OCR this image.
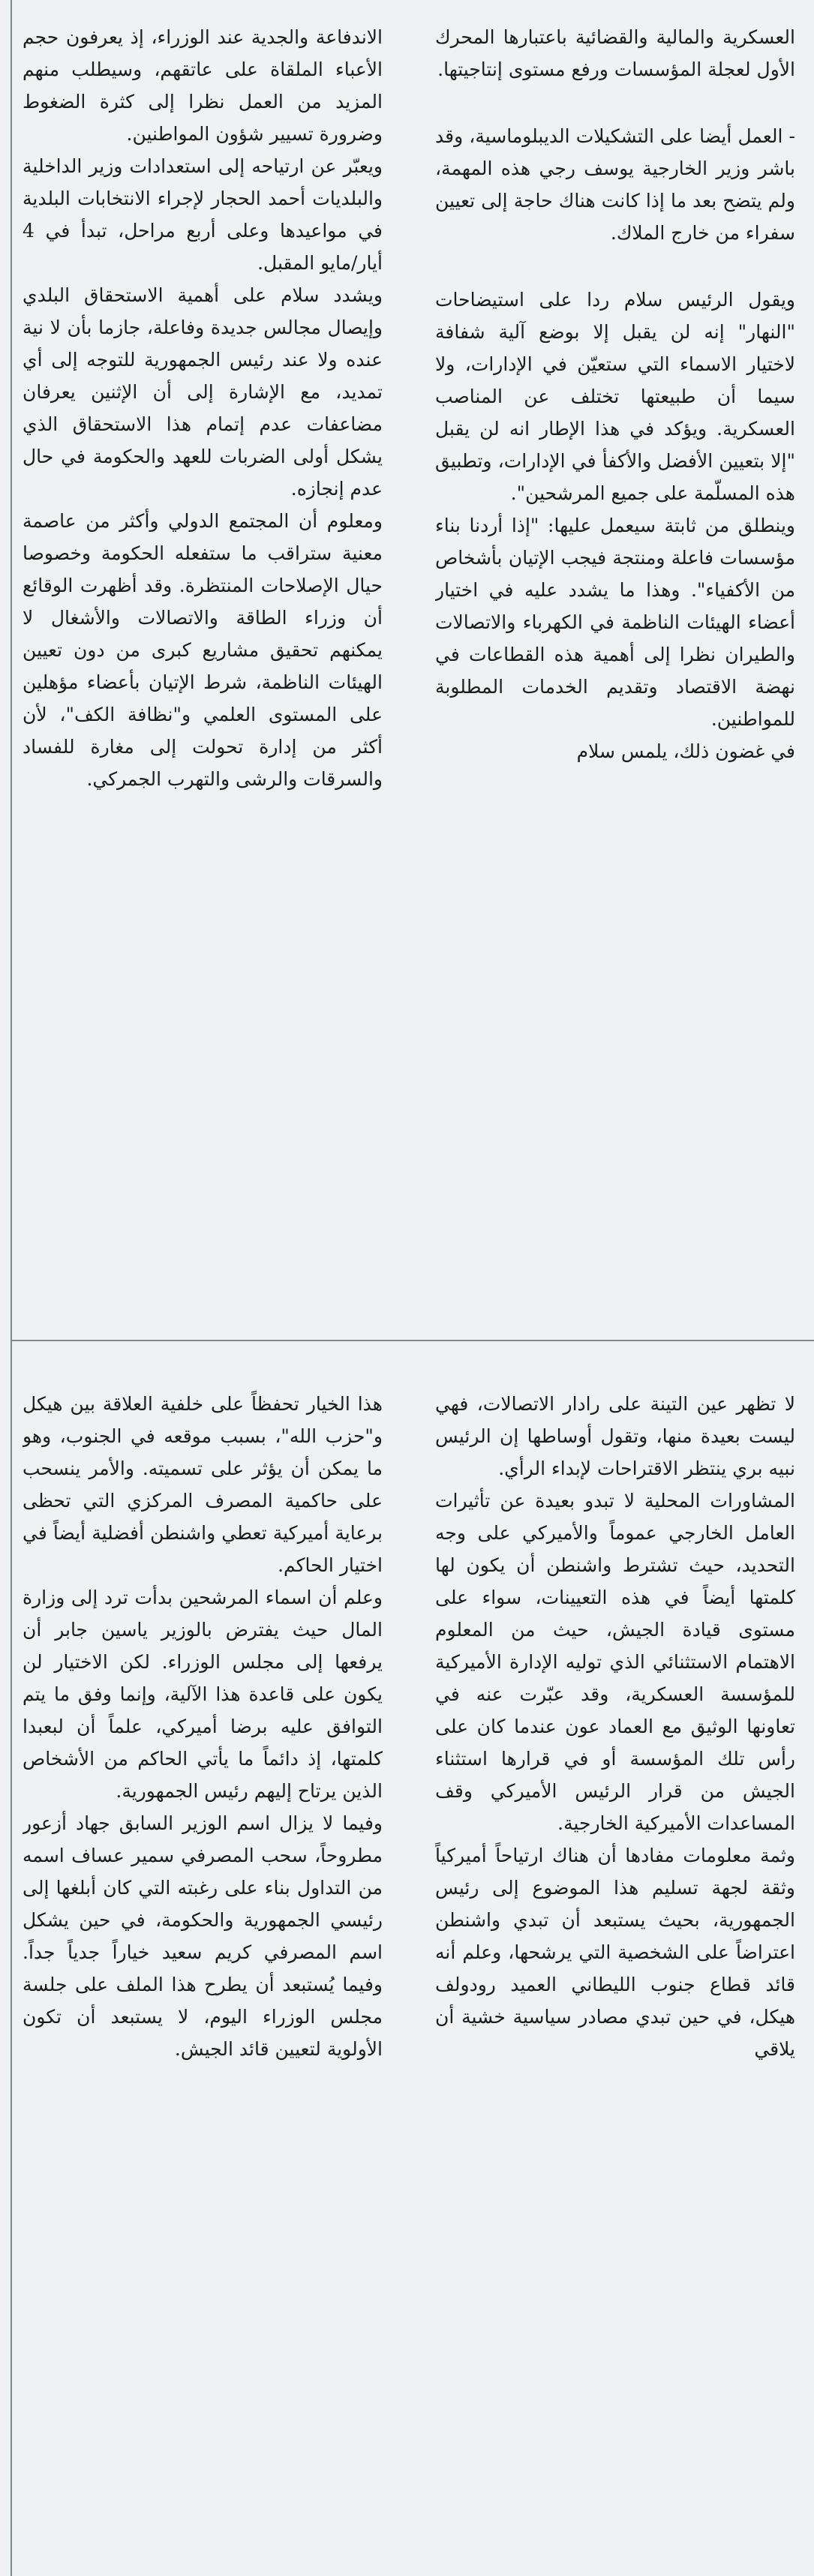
العسكرية والمالية والقضائية باعتبارها المحرك الأول لعجلة المؤسسات ورفع مستوى إنتاجيتها.

- العمل أيضا على التشكيلات الديبلوماسية، وقد باشر وزير الخارجية يوسف رجي هذه المهمة، ولم يتضح بعد ما إذا كانت هناك حاجة إلى تعيين سفراء من خارج الملاك.

ويقول الرئيس سلام ردا على استيضاحات "النهار" إنه لن يقبل إلا بوضع آلية شفافة لاختيار الاسماء التي ستعيّن في الإدارات، ولا سيما أن طبيعتها تختلف عن المناصب العسكرية. ويؤكد في هذا الإطار انه لن يقبل "إلا بتعيين الأفضل والأكفأ في الإدارات، وتطبيق هذه المسلّمة على جميع المرشحين".

وينطلق من ثابتة سيعمل عليها: "إذا أردنا بناء مؤسسات فاعلة ومنتجة فيجب الإتيان بأشخاص من الأكفياء". وهذا ما يشدد عليه في اختيار أعضاء الهيئات الناظمة في الكهرباء والاتصالات والطيران نظرا إلى أهمية هذه القطاعات في نهضة الاقتصاد وتقديم الخدمات المطلوبة للمواطنين.

في غضون ذلك، يلمس سلام

الاندفاعة والجدية عند الوزراء، إذ يعرفون حجم الأعباء الملقاة على عاتقهم، وسيطلب منهم المزيد من العمل نظرا إلى كثرة الضغوط وضرورة تسيير شؤون المواطنين.

ويعبّر عن ارتياحه إلى استعدادات وزير الداخلية والبلديات أحمد الحجار لإجراء الانتخابات البلدية في مواعيدها وعلى أربع مراحل، تبدأ في 4 أيار/مايو المقبل.

ويشدد سلام على أهمية الاستحقاق البلدي وإيصال مجالس جديدة وفاعلة، جازما بأن لا نية عنده ولا عند رئيس الجمهورية للتوجه إلى أي تمديد، مع الإشارة إلى أن الإثنين يعرفان مضاعفات عدم إتمام هذا الاستحقاق الذي يشكل أولى الضربات للعهد والحكومة في حال عدم إنجازه.

ومعلوم أن المجتمع الدولي وأكثر من عاصمة معنية ستراقب ما ستفعله الحكومة وخصوصا حيال الإصلاحات المنتظرة. وقد أظهرت الوقائع أن وزراء الطاقة والاتصالات والأشغال لا يمكنهم تحقيق مشاريع كبرى من دون تعيين الهيئات الناظمة، شرط الإتيان بأعضاء مؤهلين على المستوى العلمي و"نظافة الكف"، لأن أكثر من إدارة تحولت إلى مغارة للفساد والسرقات والرشى والتهرب الجمركي.

لا تظهر عين التينة على رادار الاتصالات، فهي ليست بعيدة منها، وتقول أوساطها إن الرئيس نبيه بري ينتظر الاقتراحات لإبداء الرأي.

المشاورات المحلية لا تبدو بعيدة عن تأثيرات العامل الخارجي عموماً والأميركي على وجه التحديد، حيث تشترط واشنطن أن يكون لها كلمتها أيضاً في هذه التعيينات، سواء على مستوى قيادة الجيش، حيث من المعلوم الاهتمام الاستثنائي الذي توليه الإدارة الأميركية للمؤسسة العسكرية، وقد عبّرت عنه في تعاونها الوثيق مع العماد عون عندما كان على رأس تلك المؤسسة أو في قرارها استثناء الجيش من قرار الرئيس الأميركي وقف المساعدات الأميركية الخارجية.

وثمة معلومات مفادها أن هناك ارتياحاً أميركياً وثقة لجهة تسليم هذا الموضوع إلى رئيس الجمهورية، بحيث يستبعد أن تبدي واشنطن اعتراضاً على الشخصية التي يرشحها، وعلم أنه قائد قطاع جنوب الليطاني العميد رودولف هيكل، في حين تبدي مصادر سياسية خشية أن يلاقي

هذا الخيار تحفظاً على خلفية العلاقة بين هيكل و"حزب الله"، بسبب موقعه في الجنوب، وهو ما يمكن أن يؤثر على تسميته. والأمر ينسحب على حاكمية المصرف المركزي التي تحظى برعاية أميركية تعطي واشنطن أفضلية أيضاً في اختيار الحاكم.

وعلم أن اسماء المرشحين بدأت ترد إلى وزارة المال حيث يفترض بالوزير ياسين جابر أن يرفعها إلى مجلس الوزراء. لكن الاختيار لن يكون على قاعدة هذا الآلية، وإنما وفق ما يتم التوافق عليه برضا أميركي، علماً أن لبعبدا كلمتها، إذ دائماً ما يأتي الحاكم من الأشخاص الذين يرتاح إليهم رئيس الجمهورية.

وفيما لا يزال اسم الوزير السابق جهاد أزعور مطروحاً، سحب المصرفي سمير عساف اسمه من التداول بناء على رغبته التي كان أبلغها إلى رئيسي الجمهورية والحكومة، في حين يشكل اسم المصرفي كريم سعيد خياراً جدياً جداً. وفيما يُستبعد أن يطرح هذا الملف على جلسة مجلس الوزراء اليوم، لا يستبعد أن تكون الأولوية لتعيين قائد الجيش.
